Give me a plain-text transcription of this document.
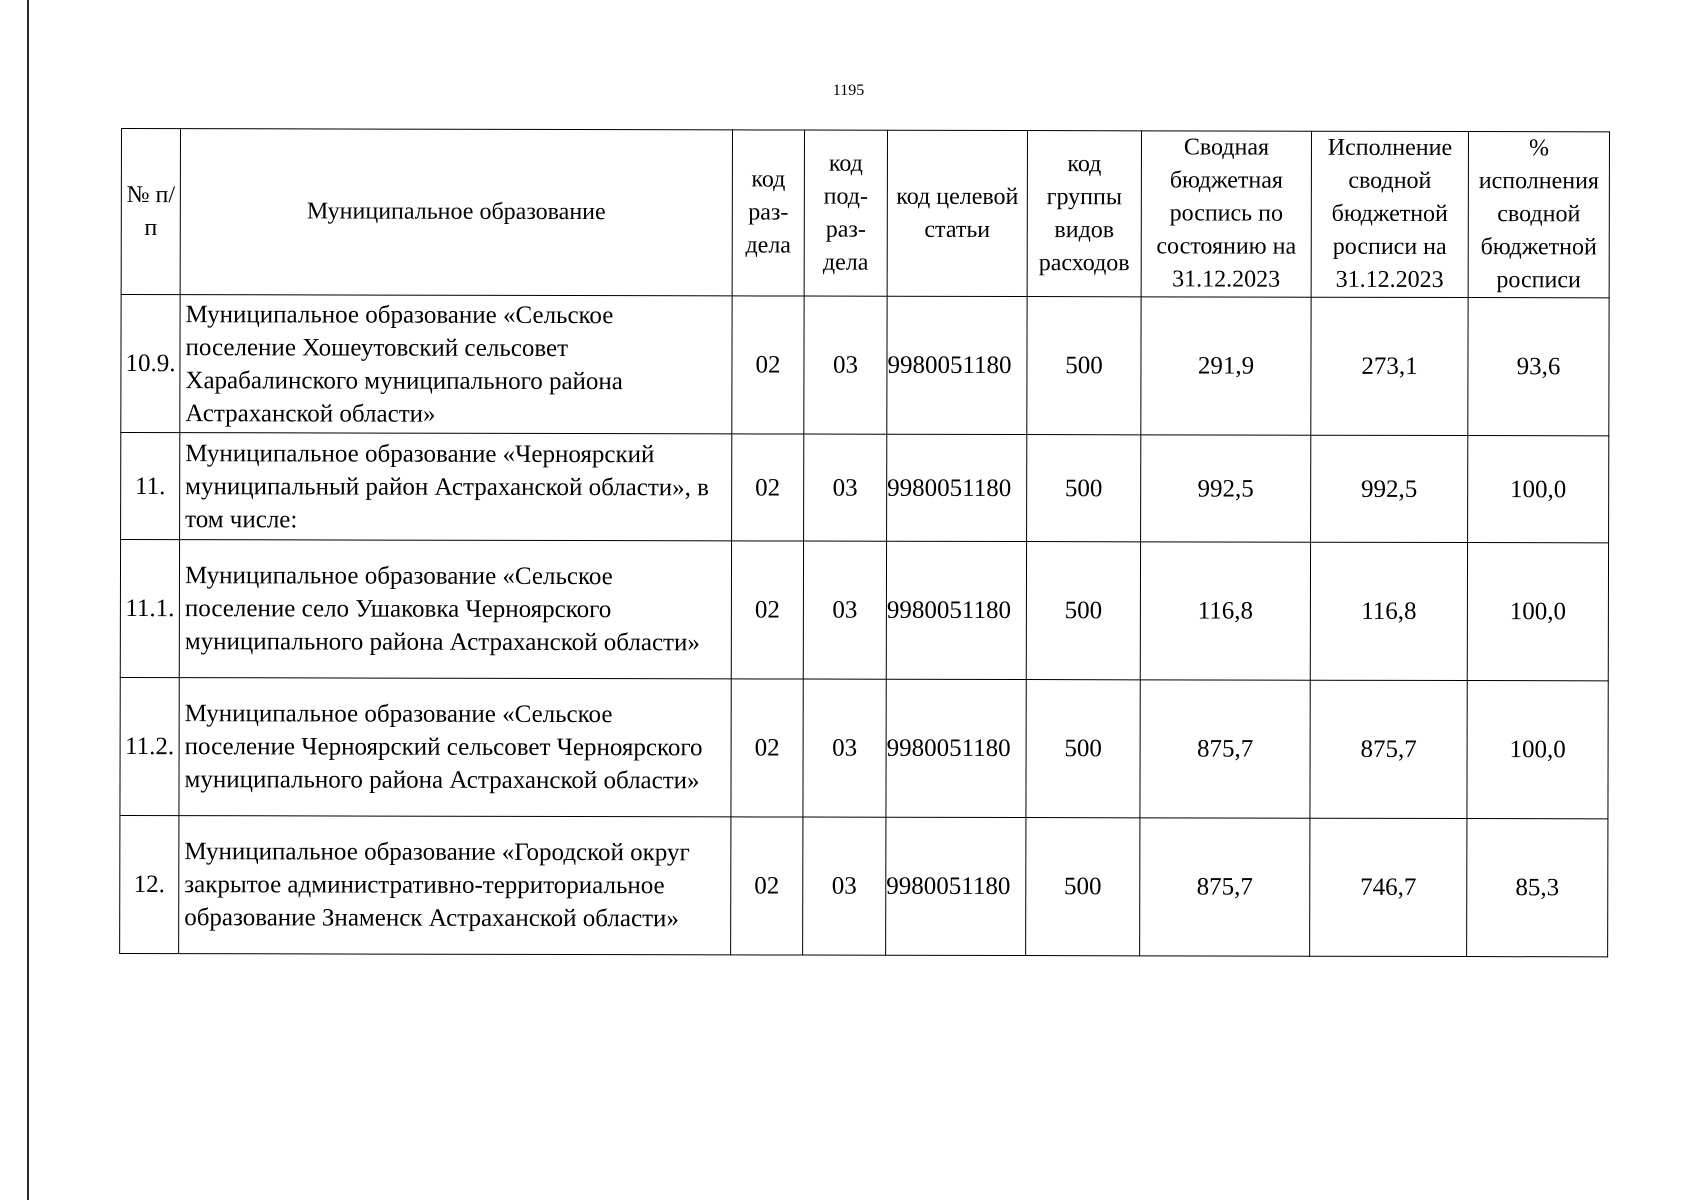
1195
№ п/п	Муниципальное образование	код раз- дела	код под- раз- дела	код целевой статьи	код группы видов расходов	Сводная бюджетная роспись по состоянию на 31.12.2023	Исполнение сводной бюджетной росписи на 31.12.2023	% исполнения сводной бюджетной росписи
10.9.	Муниципальное образование «Сельское поселение Хошеутовский сельсовет Харабалинского муниципального района Астраханской области»	02	03	9980051180	500	291,9	273,1	93,6
11.	Муниципальное образование «Черноярский муниципальный район Астраханской области», в том числе:	02	03	9980051180	500	992,5	992,5	100,0
11.1.	Муниципальное образование «Сельское поселение село Ушаковка Черноярского муниципального района Астраханской области»	02	03	9980051180	500	116,8	116,8	100,0
11.2.	Муниципальное образование «Сельское поселение Черноярский сельсовет Черноярского муниципального района Астраханской области»	02	03	9980051180	500	875,7	875,7	100,0
12.	Муниципальное образование «Городской округ закрытое административно-территориальное образование Знаменск Астраханской области»	02	03	9980051180	500	875,7	746,7	85,3
